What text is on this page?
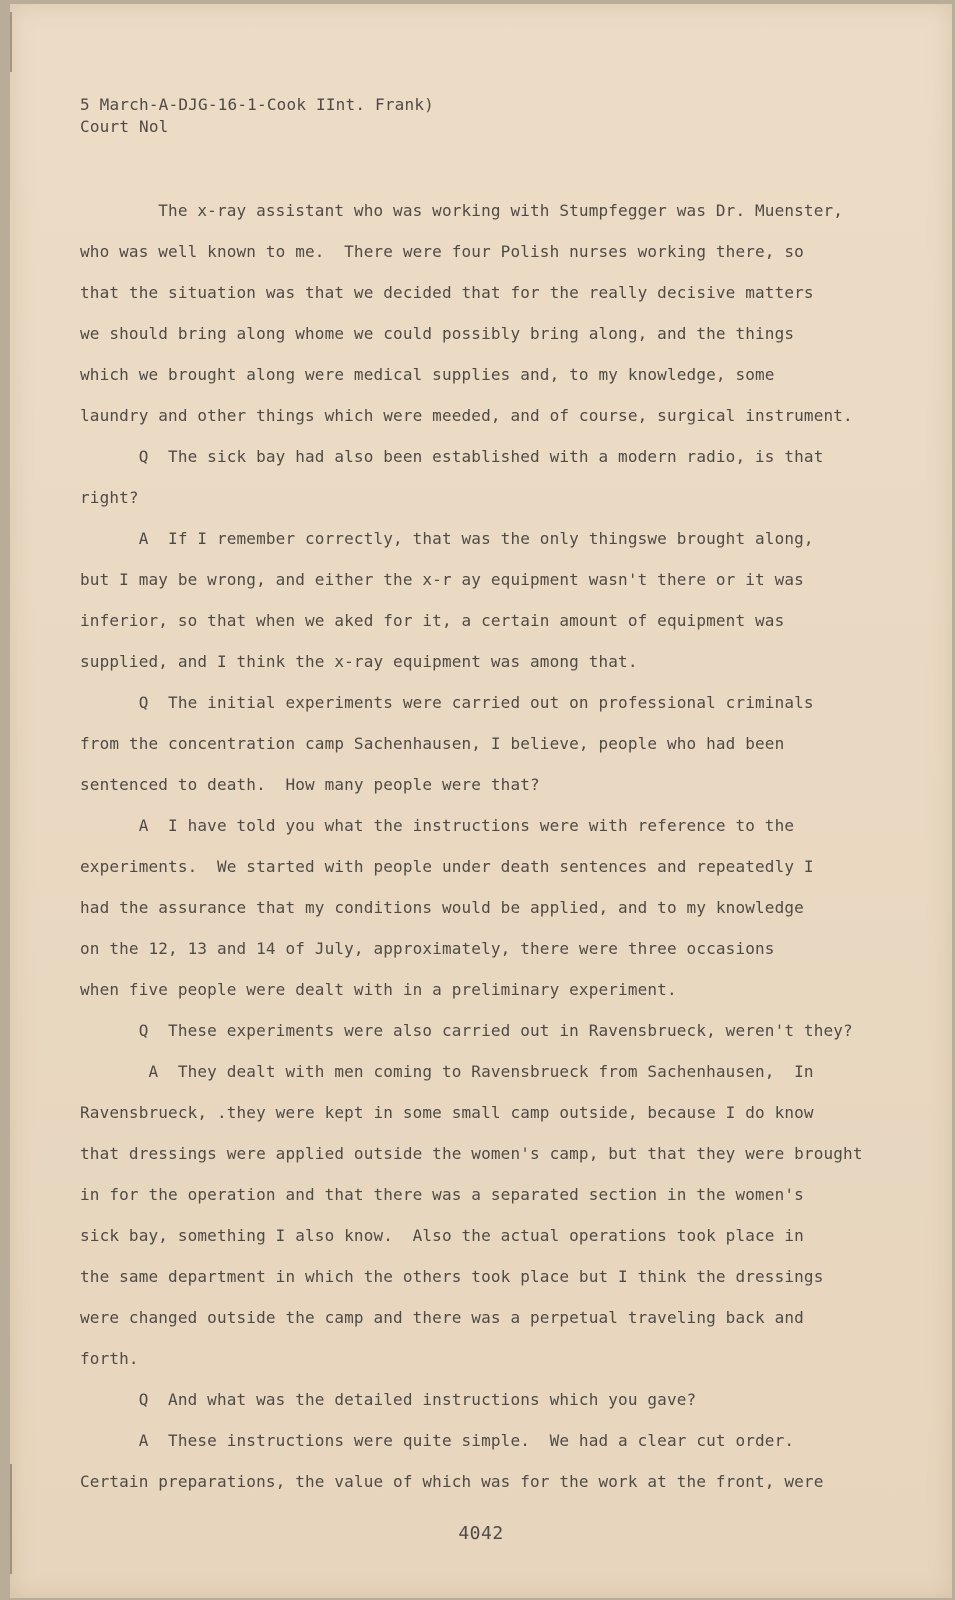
5 March-A-DJG-16-1-Cook IInt. Frank)
Court Nol
The x-ray assistant who was working with Stumpfegger was Dr. Muenster,
who was well known to me.  There were four Polish nurses working there, so
that the situation was that we decided that for the really decisive matters
we should bring along whome we could possibly bring along, and the things
which we brought along were medical supplies and, to my knowledge, some
laundry and other things which were meeded, and of course, surgical instrument.
Q  The sick bay had also been established with a modern radio, is that
right?
A  If I remember correctly, that was the only thingswe brought along,
but I may be wrong, and either the x-r ay equipment wasn't there or it was
inferior, so that when we aked for it, a certain amount of equipment was
supplied, and I think the x-ray equipment was among that.
Q  The initial experiments were carried out on professional criminals
from the concentration camp Sachenhausen, I believe, people who had been
sentenced to death.  How many people were that?
A  I have told you what the instructions were with reference to the
experiments.  We started with people under death sentences and repeatedly I
had the assurance that my conditions would be applied, and to my knowledge
on the 12, 13 and 14 of July, approximately, there were three occasions
when five people were dealt with in a preliminary experiment.
Q  These experiments were also carried out in Ravensbrueck, weren't they?
A  They dealt with men coming to Ravensbrueck from Sachenhausen,  In
Ravensbrueck, .they were kept in some small camp outside, because I do know
that dressings were applied outside the women's camp, but that they were brought
in for the operation and that there was a separated section in the women's
sick bay, something I also know.  Also the actual operations took place in
the same department in which the others took place but I think the dressings
were changed outside the camp and there was a perpetual traveling back and
forth.
Q  And what was the detailed instructions which you gave?
A  These instructions were quite simple.  We had a clear cut order.
Certain preparations, the value of which was for the work at the front, were
4042
